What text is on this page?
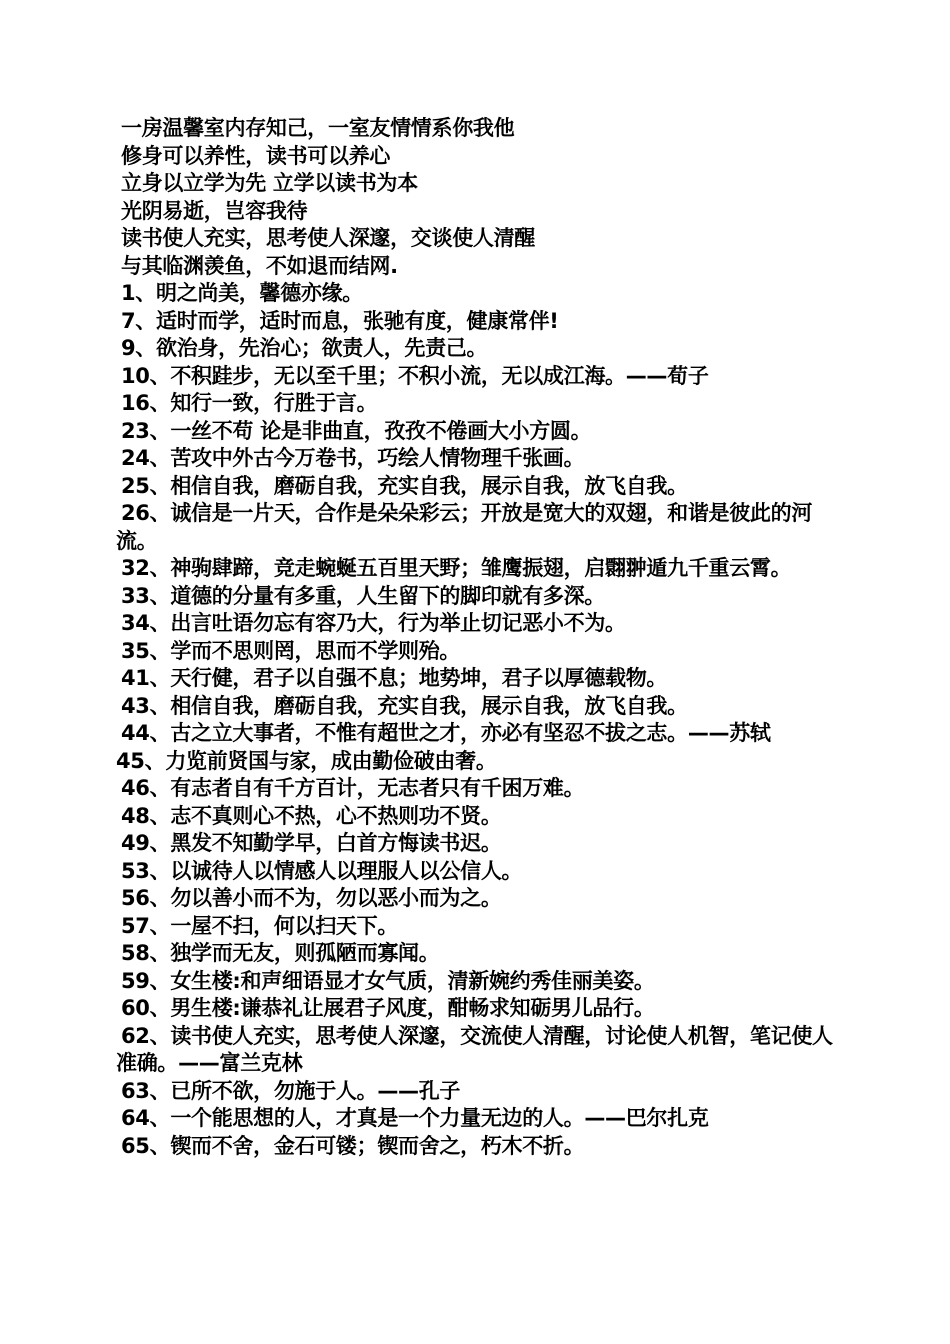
一房温馨室内存知己，一室友情情系你我他

修身可以养性，读书可以养心

立身以立学为先 立学以读书为本

光阴易逝，岂容我待

读书使人充实，思考使人深邃，交谈使人清醒

与其临渊羡鱼，不如退而结网.

1、明之尚美，馨德亦缘。

7、适时而学，适时而息，张驰有度，健康常伴!

9、欲治身，先治心；欲责人，先责己。

10、不积跬步，无以至千里；不积小流，无以成江海。——荀子

16、知行一致，行胜于言。

23、一丝不苟 论是非曲直，孜孜不倦画大小方圆。

24、苦攻中外古今万卷书，巧绘人情物理千张画。

25、相信自我，磨砺自我，充实自我，展示自我，放飞自我。

26、诚信是一片天，合作是朵朵彩云；开放是宽大的双翅，和谐是彼此的河流。

32、神驹肆蹄，竞走蜿蜒五百里天野；雏鹰振翅，启翾翀遁九千重云霄。

33、道德的分量有多重，人生留下的脚印就有多深。

34、出言吐语勿忘有容乃大，行为举止切记恶小不为。

35、学而不思则罔，思而不学则殆。

41、天行健，君子以自强不息；地势坤，君子以厚德载物。

43、相信自我，磨砺自我，充实自我，展示自我，放飞自我。

44、古之立大事者，不惟有超世之才，亦必有坚忍不拔之志。——苏轼

45、力览前贤国与家，成由勤俭破由奢。

46、有志者自有千方百计，无志者只有千困万难。

48、志不真则心不热，心不热则功不贤。

49、黑发不知勤学早，白首方悔读书迟。

53、以诚待人以情感人以理服人以公信人。

56、勿以善小而不为，勿以恶小而为之。

57、一屋不扫，何以扫天下。

58、独学而无友，则孤陋而寡闻。

59、女生楼:和声细语显才女气质，清新婉约秀佳丽美姿。

60、男生楼:谦恭礼让展君子风度，酣畅求知砺男儿品行。

62、读书使人充实，思考使人深邃，交流使人清醒，讨论使人机智，笔记使人准确。——富兰克林

63、已所不欲，勿施于人。——孔子

64、一个能思想的人，才真是一个力量无边的人。——巴尔扎克

65、锲而不舍，金石可镂；锲而舍之，朽木不折。
